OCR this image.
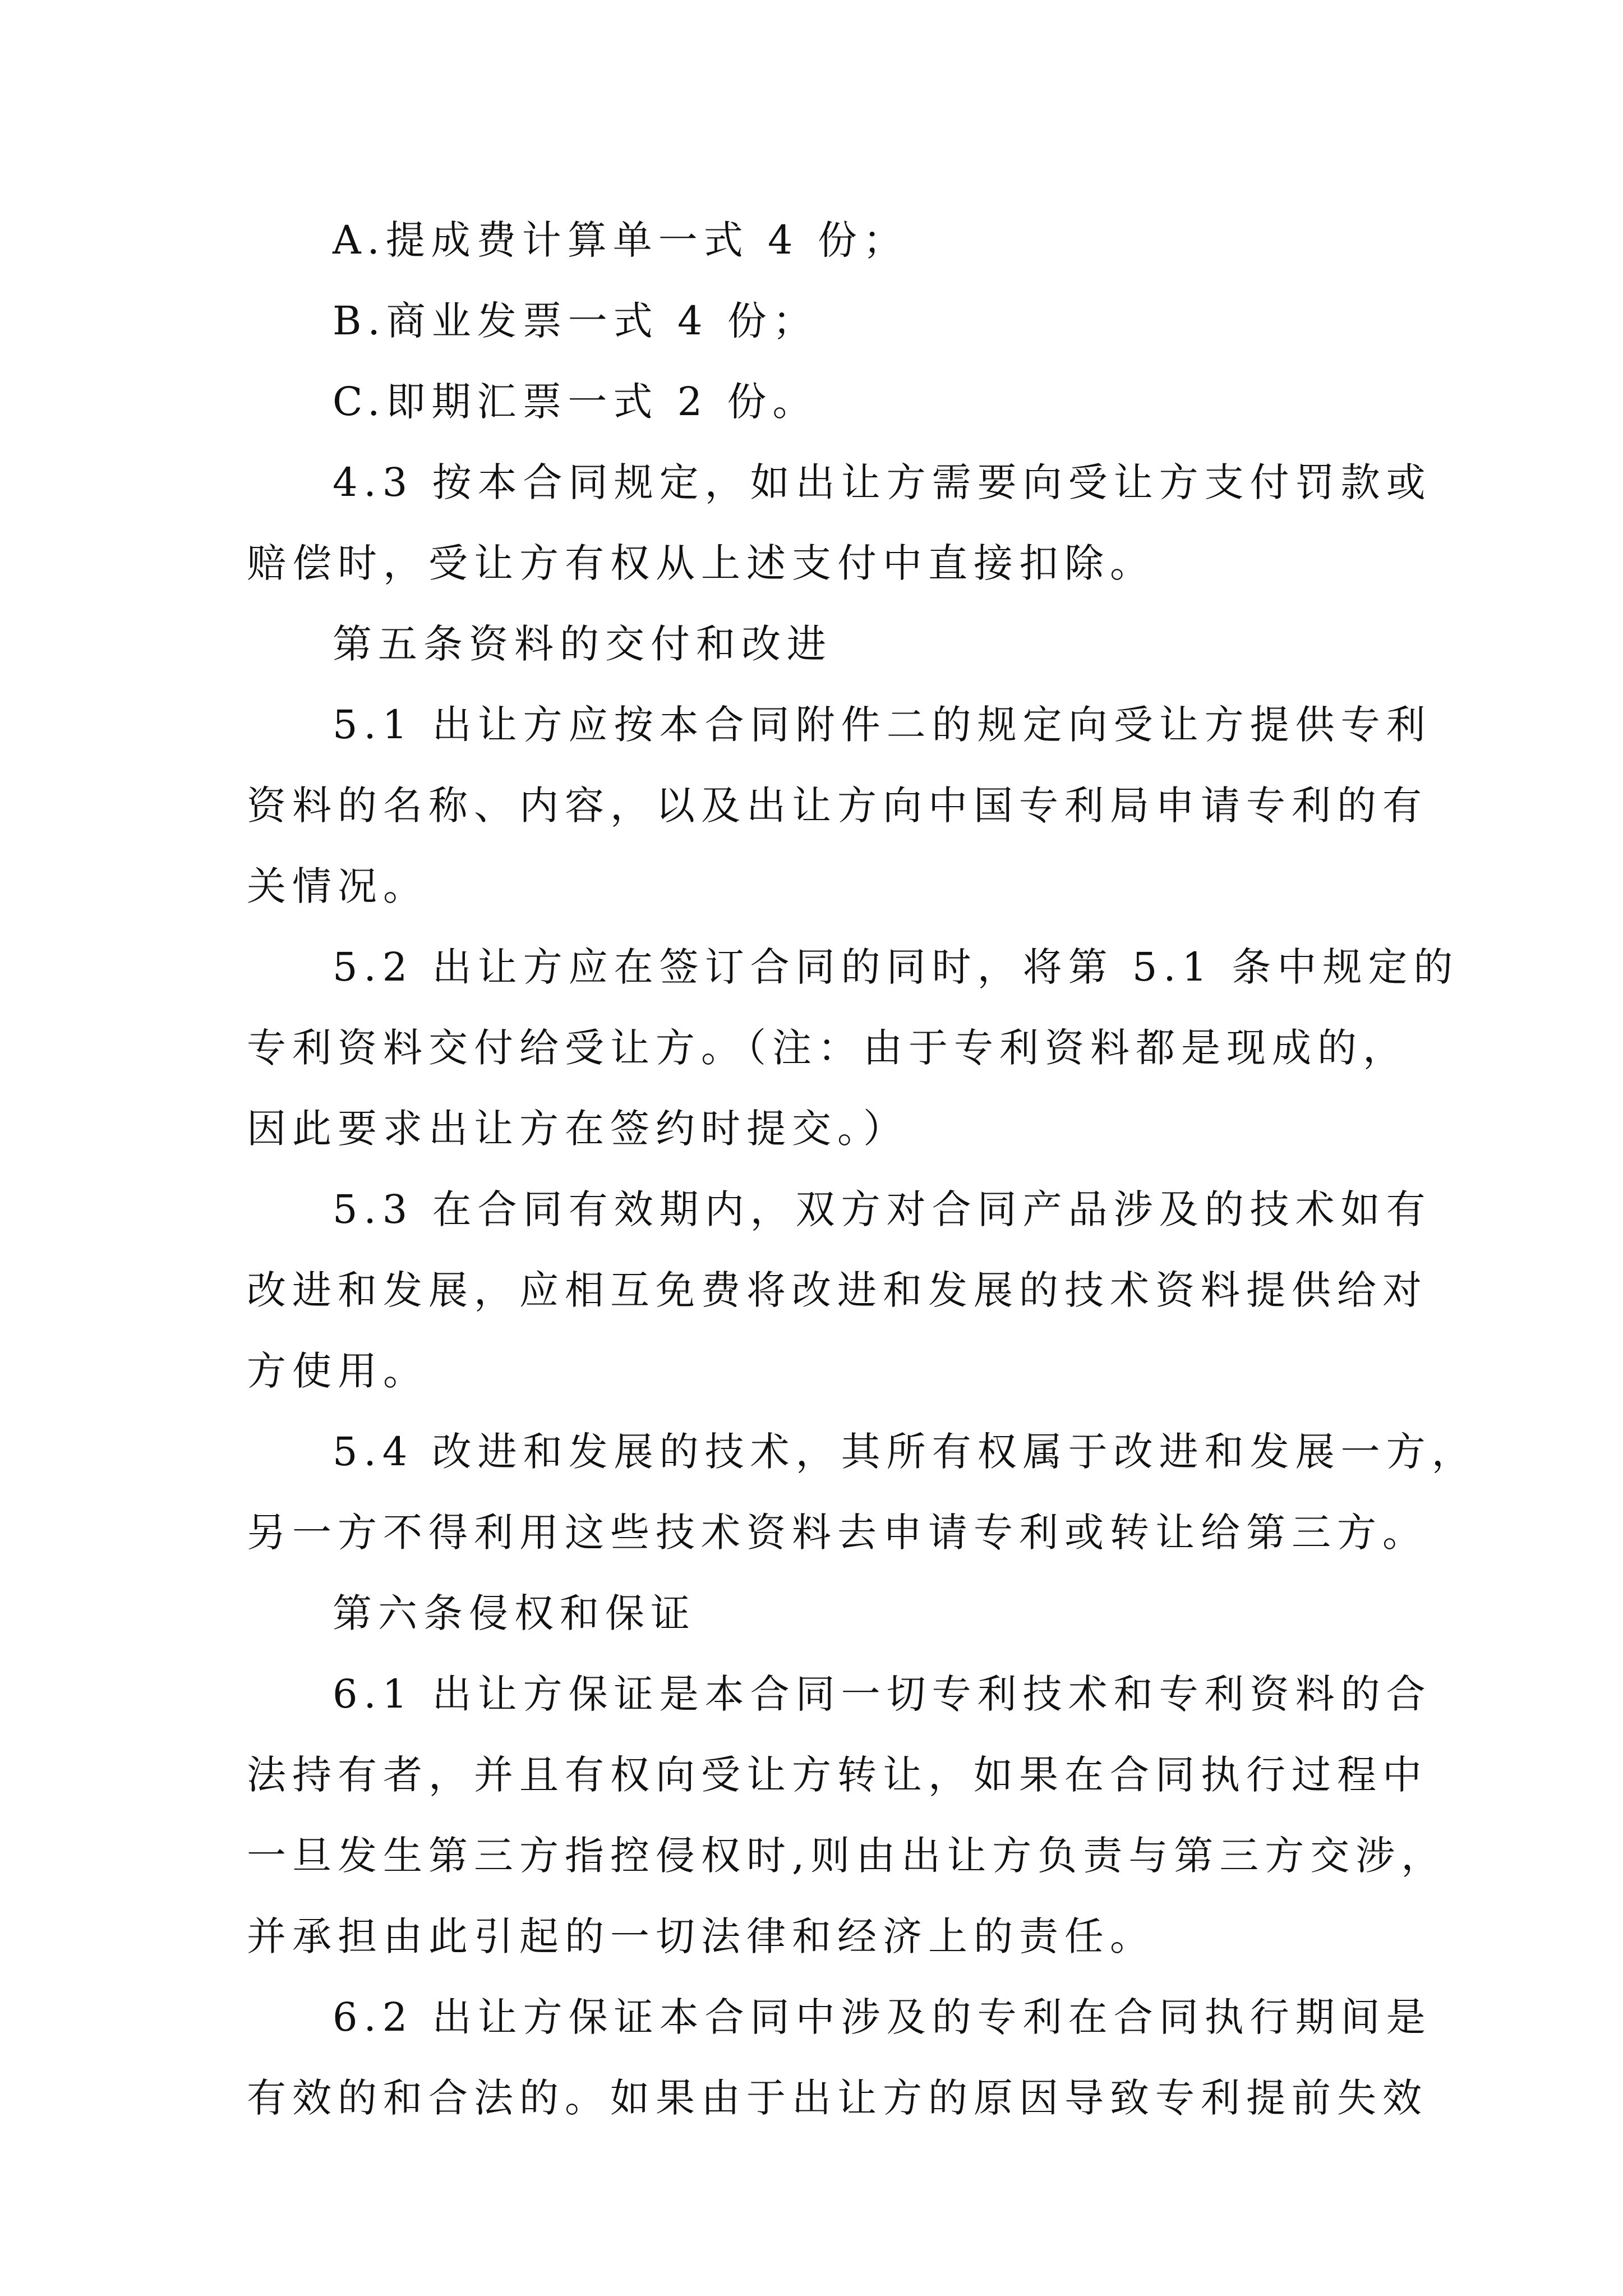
A.提成费计算单一式 4 份；
B.商业发票一式 4 份；
C.即期汇票一式 2 份。
4.3 按本合同规定，如出让方需要向受让方支付罚款或
赔偿时，受让方有权从上述支付中直接扣除。
第五条资料的交付和改进
5.1 出让方应按本合同附件二的规定向受让方提供专利
资料的名称、内容，以及出让方向中国专利局申请专利的有
关情况。
5.2 出让方应在签订合同的同时，将第 5.1 条中规定的
专利资料交付给受让方。（注：由于专利资料都是现成的，
因此要求出让方在签约时提交。）
5.3 在合同有效期内，双方对合同产品涉及的技术如有
改进和发展，应相互免费将改进和发展的技术资料提供给对
方使用。
5.4 改进和发展的技术，其所有权属于改进和发展一方，
另一方不得利用这些技术资料去申请专利或转让给第三方。
第六条侵权和保证
6.1 出让方保证是本合同一切专利技术和专利资料的合
法持有者，并且有权向受让方转让，如果在合同执行过程中
一旦发生第三方指控侵权时,则由出让方负责与第三方交涉，
并承担由此引起的一切法律和经济上的责任。
6.2 出让方保证本合同中涉及的专利在合同执行期间是
有效的和合法的。如果由于出让方的原因导致专利提前失效
